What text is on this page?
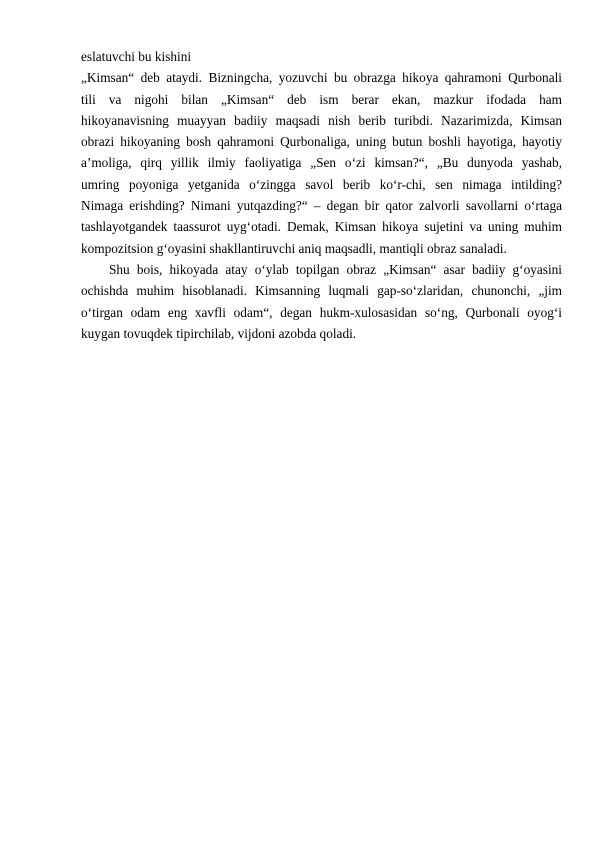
eslatuvchi bu kishini
„Kimsan“ deb ataydi. Bizningcha, yozuvchi bu obrazga hikoya qahramoni Qurbonali
tili va nigohi bilan „Kimsan“ deb ism berar ekan, mazkur ifodada ham
hikoyanavisning muayyan badiiy maqsadi nish berib turibdi. Nazarimizda, Kimsan
obrazi hikoyaning bosh qahramoni Qurbonaliga, uning butun boshli hayotiga, hayotiy
a’moliga, qirq yillik ilmiy faoliyatiga „Sen o‘zi kimsan?“, „Bu dunyoda yashab,
umring poyoniga yetganida o‘zingga savol berib ko‘r-chi, sen nimaga intilding?
Nimaga erishding? Nimani yutqazding?“ – degan bir qator zalvorli savollarni o‘rtaga
tashlayotgandek taassurot uyg‘otadi. Demak, Kimsan hikoya sujetini va uning muhim
kompozitsion g‘oyasini shakllantiruvchi aniq maqsadli, mantiqli obraz sanaladi.
Shu bois, hikoyada atay o‘ylab topilgan obraz „Kimsan“ asar badiiy g‘oyasini
ochishda muhim hisoblanadi. Kimsanning luqmali gap-so‘zlaridan, chunonchi, „jim
o‘tirgan odam eng xavfli odam“, degan hukm-xulosasidan so‘ng, Qurbonali oyog‘i
kuygan tovuqdek tipirchilab, vijdoni azobda qoladi.
